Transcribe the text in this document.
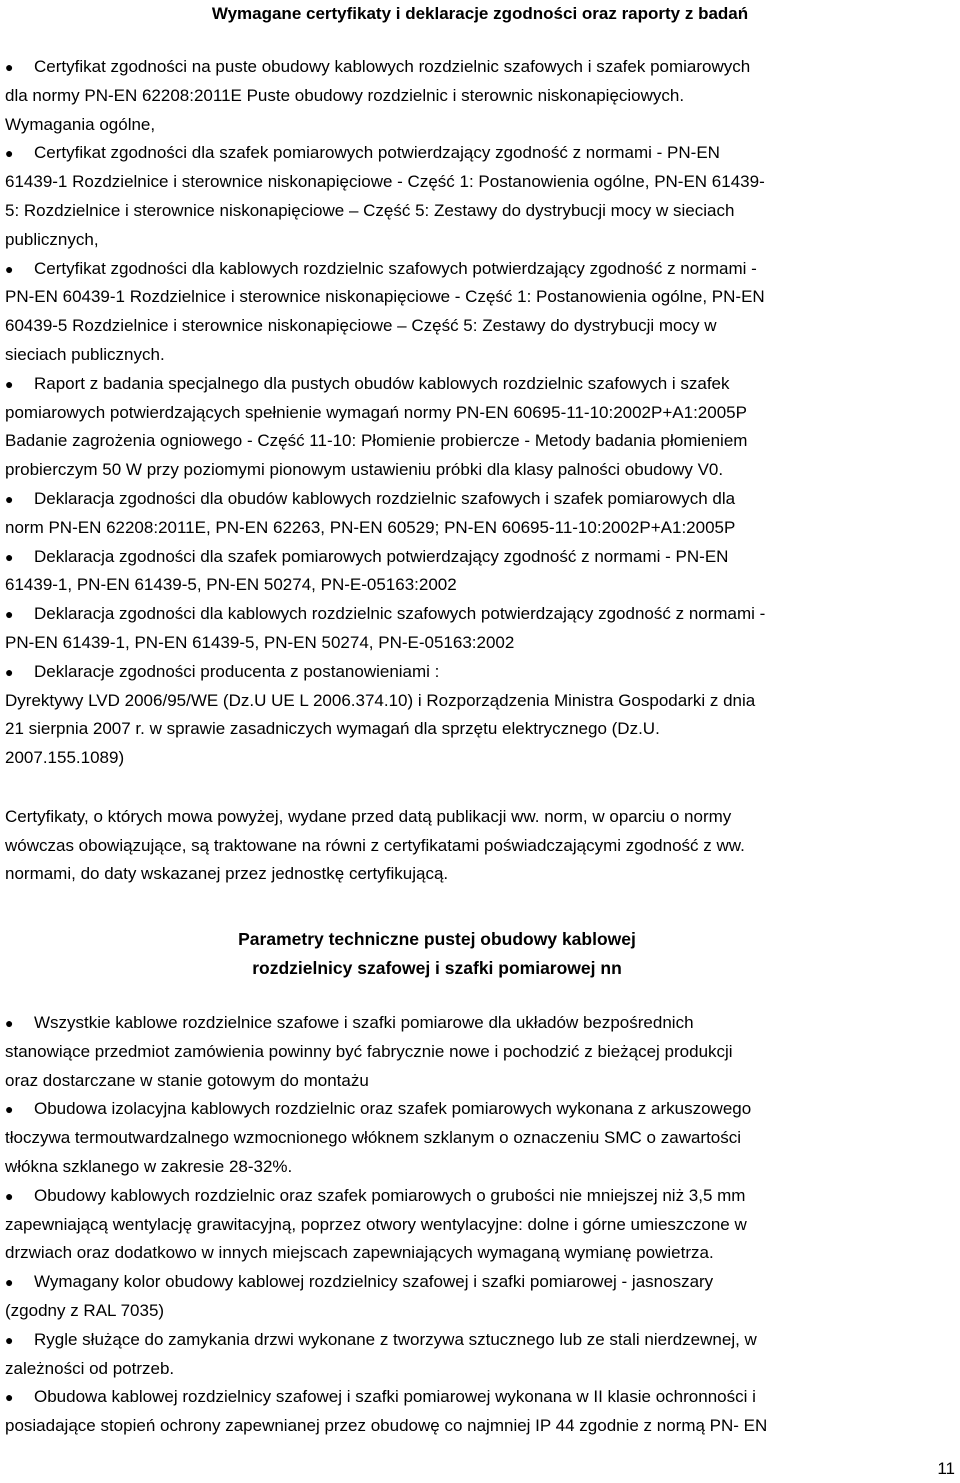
Wymagane certyfikaty i deklaracje zgodności oraz raporty z badań
●	Certyfikat zgodności na puste obudowy kablowych rozdzielnic szafowych i szafek pomiarowych
dla normy PN-EN 62208:2011E Puste obudowy rozdzielnic i sterownic niskonapięciowych.
Wymagania ogólne,
●	Certyfikat zgodności dla szafek pomiarowych potwierdzający zgodność z normami - PN-EN
61439-1 Rozdzielnice i sterownice niskonapięciowe - Część 1: Postanowienia ogólne, PN-EN 61439-
5: Rozdzielnice i sterownice niskonapięciowe – Część 5: Zestawy do dystrybucji mocy w sieciach
publicznych,
●	Certyfikat zgodności dla kablowych rozdzielnic szafowych potwierdzający zgodność z normami -
PN-EN 60439-1 Rozdzielnice i sterownice niskonapięciowe - Część 1: Postanowienia ogólne, PN-EN
60439-5 Rozdzielnice i sterownice niskonapięciowe – Część 5: Zestawy do dystrybucji mocy w
sieciach publicznych.
●	Raport z badania specjalnego dla pustych obudów kablowych rozdzielnic szafowych i szafek
pomiarowych potwierdzających spełnienie wymagań normy PN-EN 60695-11-10:2002P+A1:2005P
Badanie zagrożenia ogniowego - Część 11-10: Płomienie probiercze - Metody badania płomieniem
probierczym 50 W przy poziomymi pionowym ustawieniu próbki dla klasy palności obudowy V0.
●	Deklaracja zgodności dla obudów kablowych rozdzielnic szafowych i szafek pomiarowych dla
norm PN-EN 62208:2011E, PN-EN 62263, PN-EN 60529; PN-EN 60695-11-10:2002P+A1:2005P
●	Deklaracja zgodności dla szafek pomiarowych potwierdzający zgodność z normami - PN-EN
61439-1, PN-EN 61439-5, PN-EN 50274, PN-E-05163:2002
●	Deklaracja zgodności dla kablowych rozdzielnic szafowych potwierdzający zgodność z normami -
PN-EN 61439-1, PN-EN 61439-5, PN-EN 50274, PN-E-05163:2002
●	Deklaracje zgodności producenta z postanowieniami :
Dyrektywy LVD 2006/95/WE (Dz.U UE L 2006.374.10) i Rozporządzenia Ministra Gospodarki z dnia
21 sierpnia 2007 r. w sprawie zasadniczych wymagań dla sprzętu elektrycznego (Dz.U.
2007.155.1089)
Certyfikaty, o których mowa powyżej, wydane przed datą publikacji ww. norm, w oparciu o normy
wówczas obowiązujące, są traktowane na równi z certyfikatami poświadczającymi zgodność z ww.
normami, do daty wskazanej przez jednostkę certyfikującą.
Parametry techniczne pustej obudowy kablowej
rozdzielnicy szafowej i szafki pomiarowej nn
●	Wszystkie kablowe rozdzielnice szafowe i szafki pomiarowe dla układów bezpośrednich
stanowiące przedmiot zamówienia powinny być fabrycznie nowe i pochodzić z bieżącej produkcji
oraz dostarczane w stanie gotowym do montażu
●	Obudowa izolacyjna kablowych rozdzielnic oraz szafek pomiarowych wykonana z arkuszowego
tłoczywa termoutwardzalnego wzmocnionego włóknem szklanym o oznaczeniu SMC o zawartości
włókna szklanego w zakresie 28-32%.
●	Obudowy kablowych rozdzielnic oraz szafek pomiarowych o grubości nie mniejszej niż 3,5 mm
zapewniającą wentylację grawitacyjną, poprzez otwory wentylacyjne: dolne i górne umieszczone w
drzwiach oraz dodatkowo w innych miejscach zapewniających wymaganą wymianę powietrza.
●	Wymagany kolor obudowy kablowej rozdzielnicy szafowej i szafki pomiarowej - jasnoszary
(zgodny z RAL 7035)
●	Rygle służące do zamykania drzwi wykonane z tworzywa sztucznego lub ze stali nierdzewnej, w
zależności od potrzeb.
●	Obudowa kablowej rozdzielnicy szafowej i szafki pomiarowej wykonana w II klasie ochronności i
posiadające stopień ochrony zapewnianej przez obudowę co najmniej IP 44 zgodnie z normą PN- EN
11
